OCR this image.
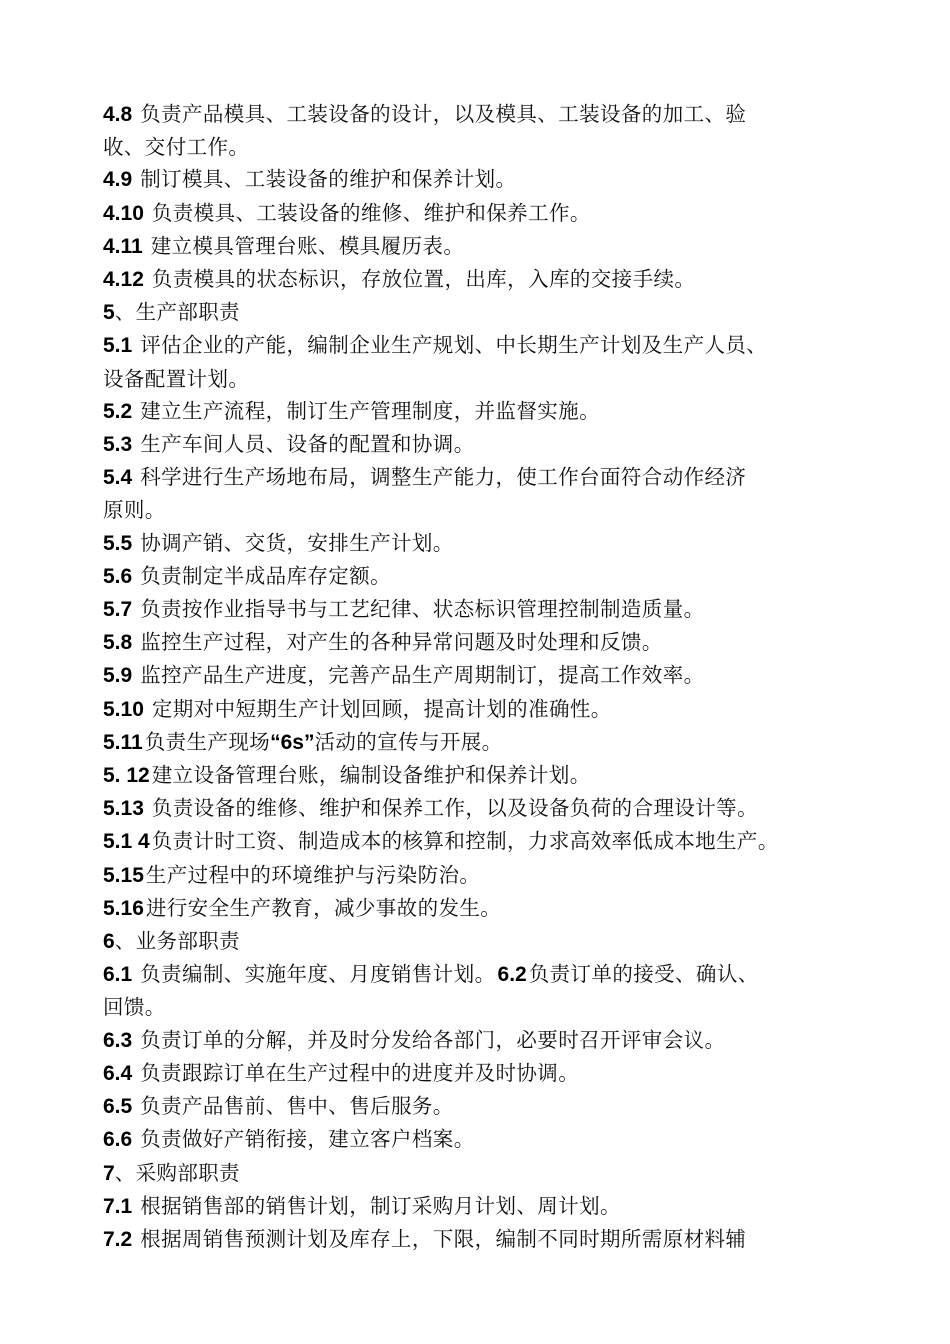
4.8 负责产品模具、工装设备的设计，以及模具、工装设备的加工、验
收、交付工作。
4.9 制订模具、工装设备的维护和保养计划。
4.10 负责模具、工装设备的维修、维护和保养工作。
4.11 建立模具管理台账、模具履历表。
4.12 负责模具的状态标识，存放位置，出库，入库的交接手续。
5、生产部职责
5.1 评估企业的产能，编制企业生产规划、中长期生产计划及生产人员、
设备配置计划。
5.2 建立生产流程，制订生产管理制度，并监督实施。
5.3 生产车间人员、设备的配置和协调。
5.4 科学进行生产场地布局，调整生产能力，使工作台面符合动作经济
原则。
5.5 协调产销、交货，安排生产计划。
5.6 负责制定半成品库存定额。
5.7 负责按作业指导书与工艺纪律、状态标识管理控制制造质量。
5.8 监控生产过程，对产生的各种异常问题及时处理和反馈。
5.9 监控产品生产进度，完善产品生产周期制订，提高工作效率。
5.10 定期对中短期生产计划回顾，提高计划的准确性。
5.11负责生产现场“6s”活动的宣传与开展。
5. 12建立设备管理台账，编制设备维护和保养计划。
5.13 负责设备的维修、维护和保养工作，以及设备负荷的合理设计等。
5.1 4负责计时工资、制造成本的核算和控制，力求高效率低成本地生产。
5.15生产过程中的环境维护与污染防治。
5.16进行安全生产教育，减少事故的发生。
6、业务部职责
6.1 负责编制、实施年度、月度销售计划。6.2负责订单的接受、确认、
回馈。
6.3 负责订单的分解，并及时分发给各部门，必要时召开评审会议。
6.4 负责跟踪订单在生产过程中的进度并及时协调。
6.5 负责产品售前、售中、售后服务。
6.6 负责做好产销衔接，建立客户档案。
7、采购部职责
7.1 根据销售部的销售计划，制订采购月计划、周计划。
7.2 根据周销售预测计划及库存上，下限，编制不同时期所需原材料辅
